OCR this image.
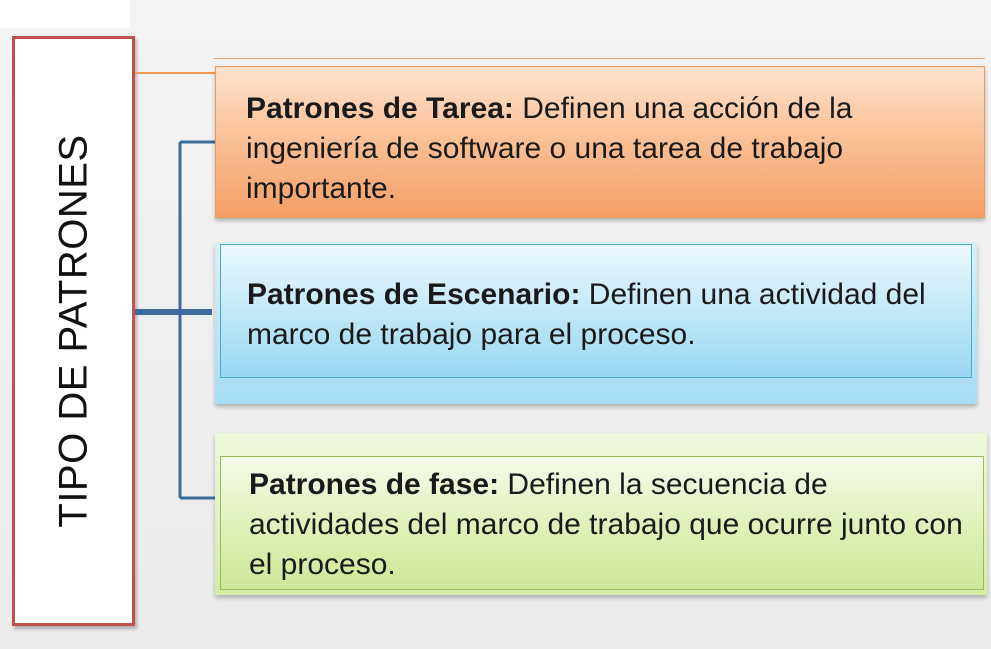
TIPO DE PATRONES
Patrones de Tarea: Definen una acción de la ingeniería de software o una tarea de trabajo importante.
Patrones de Escenario: Definen una actividad del marco de trabajo para el proceso.
Patrones de fase: Definen la secuencia de actividades del marco de trabajo que ocurre junto con el proceso.
